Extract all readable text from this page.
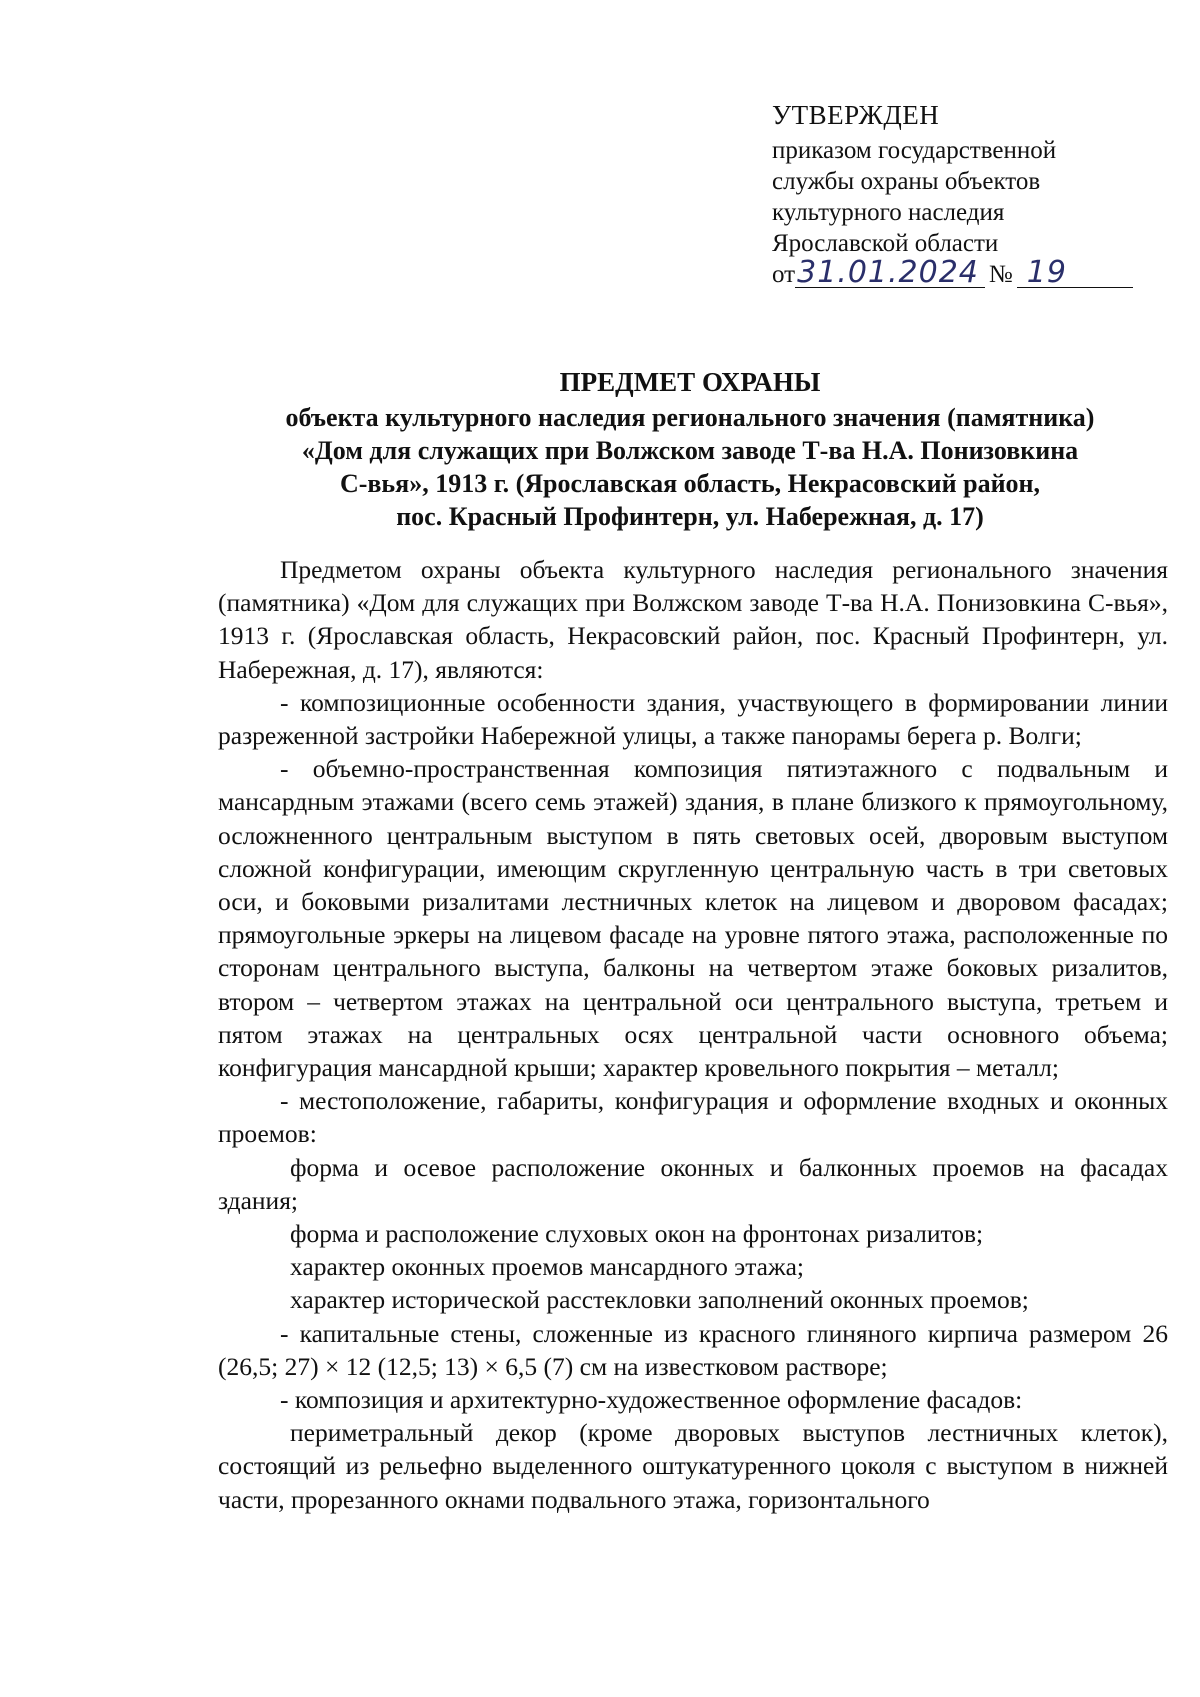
УТВЕРЖДЕН
приказом государственной
службы охраны объектов
культурного наследия
Ярославской области
от31.01.2024 № 19
ПРЕДМЕТ ОХРАНЫ
объекта культурного наследия регионального значения (памятника)
«Дом для служащих при Волжском заводе Т-ва Н.А. Понизовкина
С-вья», 1913 г. (Ярославская область, Некрасовский район,
пос. Красный Профинтерн, ул. Набережная, д. 17)

Предметом охраны объекта культурного наследия регионального значения (памятника) «Дом для служащих при Волжском заводе Т-ва Н.А. Понизовкина С-вья», 1913 г. (Ярославская область, Некрасовский район, пос. Красный Профинтерн, ул. Набережная, д. 17), являются:

- композиционные особенности здания, участвующего в формировании линии разреженной застройки Набережной улицы, а также панорамы берега р. Волги;

- объемно-пространственная композиция пятиэтажного с подвальным и мансардным этажами (всего семь этажей) здания, в плане близкого к прямоугольному, осложненного центральным выступом в пять световых осей, дворовым выступом сложной конфигурации, имеющим скругленную центральную часть в три световых оси, и боковыми ризалитами лестничных клеток на лицевом и дворовом фасадах; прямоугольные эркеры на лицевом фасаде на уровне пятого этажа, расположенные по сторонам центрального выступа, балконы на четвертом этаже боковых ризалитов, втором – четвертом этажах на центральной оси центрального выступа, третьем и пятом этажах на центральных осях центральной части основного объема; конфигурация мансардной крыши; характер кровельного покрытия – металл;

- местоположение, габариты, конфигурация и оформление входных и оконных проемов:

форма и осевое расположение оконных и балконных проемов на фасадах здания;

форма и расположение слуховых окон на фронтонах ризалитов;

характер оконных проемов мансардного этажа;

характер исторической расстекловки заполнений оконных проемов;

- капитальные стены, сложенные из красного глиняного кирпича размером 26 (26,5; 27) × 12 (12,5; 13) × 6,5 (7) см на известковом растворе;

- композиция и архитектурно-художественное оформление фасадов:

периметральный декор (кроме дворовых выступов лестничных клеток), состоящий из рельефно выделенного оштукатуренного цоколя с выступом в нижней части, прорезанного окнами подвального этажа, горизонтального
